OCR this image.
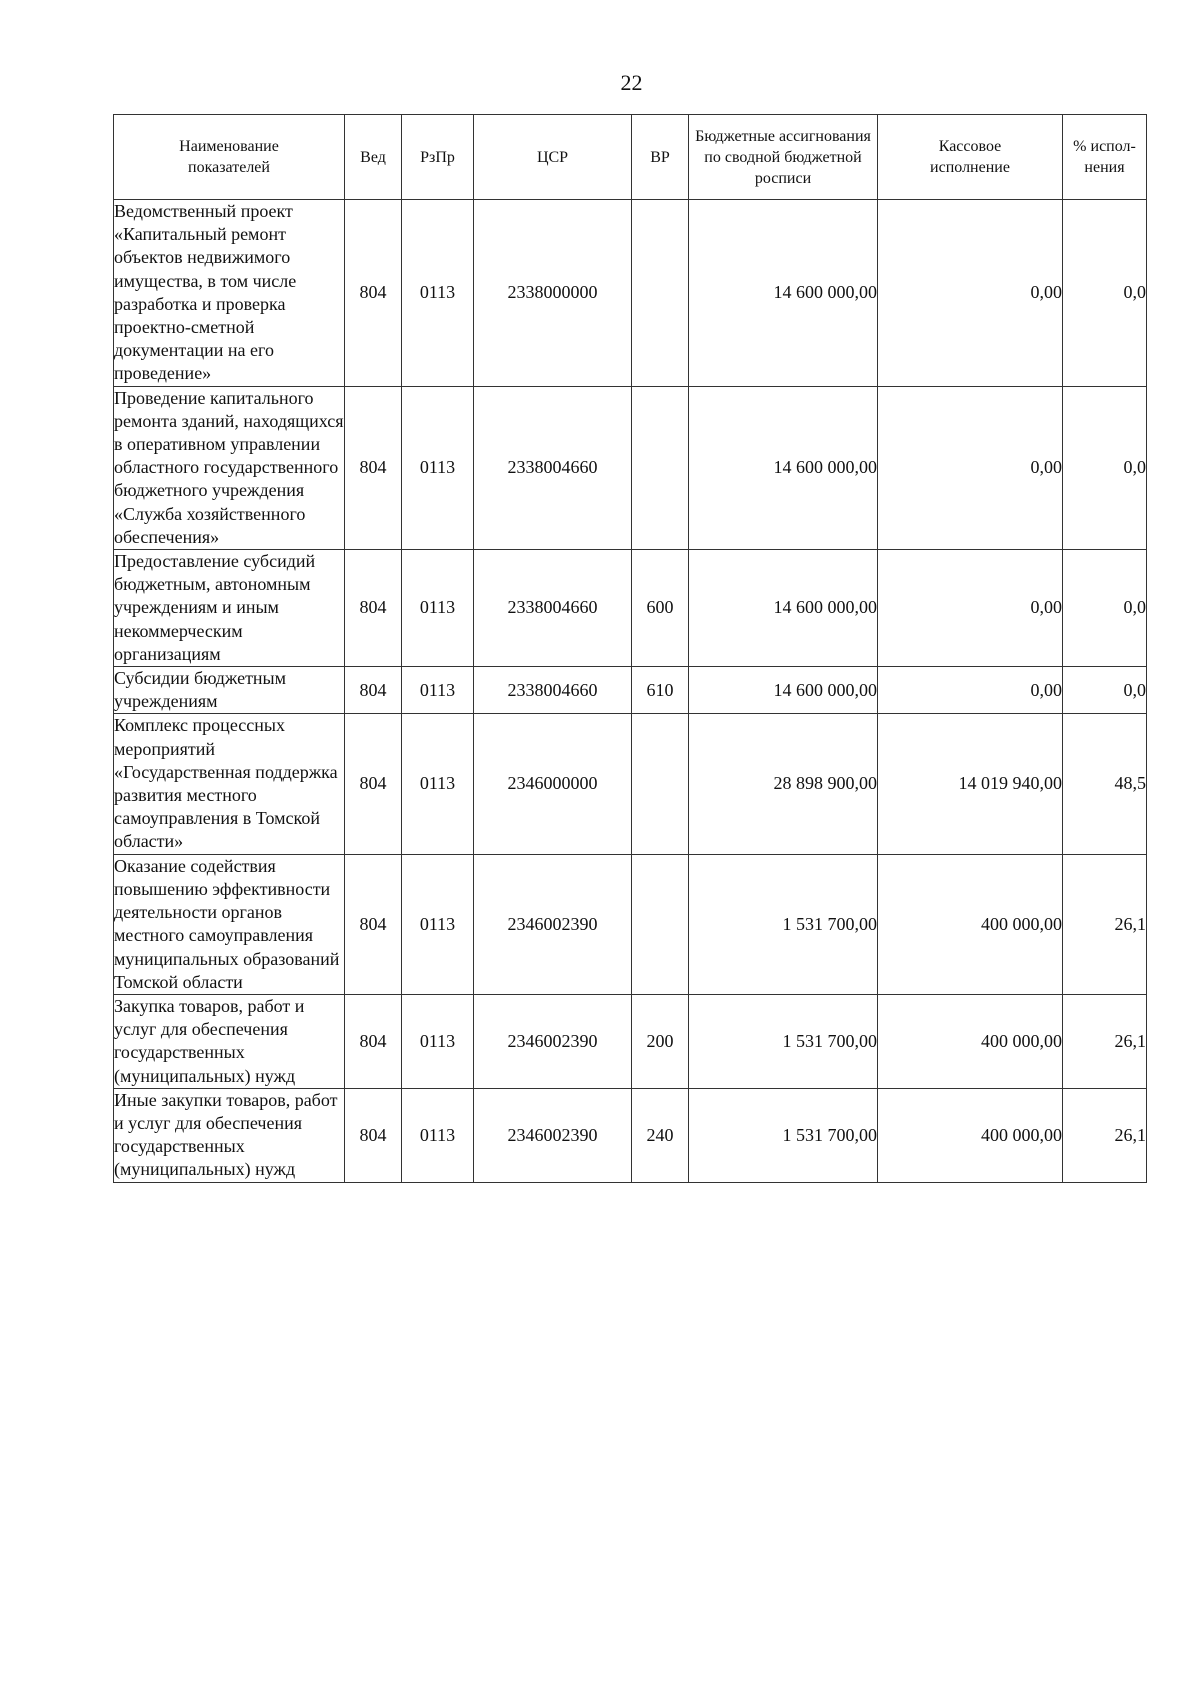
22
Наименование показателей	Вед	РзПр	ЦСР	ВР	Бюджетные ассигнования по сводной бюджетной росписи	Кассовое исполнение	% испол-нения
Ведомственный проект «Капитальный ремонт объектов недвижимого имущества, в том числе разработка и проверка проектно-сметной документации на его проведение»	804	0113	2338000000		14 600 000,00	0,00	0,0
Проведение капитального ремонта зданий, находящихся в оперативном управлении областного государственного бюджетного учреждения «Служба хозяйственного обеспечения»	804	0113	2338004660		14 600 000,00	0,00	0,0
Предоставление субсидий бюджетным, автономным учреждениям и иным некоммерческим организациям	804	0113	2338004660	600	14 600 000,00	0,00	0,0
Субсидии бюджетным учреждениям	804	0113	2338004660	610	14 600 000,00	0,00	0,0
Комплекс процессных мероприятий «Государственная поддержка развития местного самоуправления в Томской области»	804	0113	2346000000		28 898 900,00	14 019 940,00	48,5
Оказание содействия повышению эффективности деятельности органов местного самоуправления муниципальных образований Томской области	804	0113	2346002390		1 531 700,00	400 000,00	26,1
Закупка товаров, работ и услуг для обеспечения государственных (муниципальных) нужд	804	0113	2346002390	200	1 531 700,00	400 000,00	26,1
Иные закупки товаров, работ и услуг для обеспечения государственных (муниципальных) нужд	804	0113	2346002390	240	1 531 700,00	400 000,00	26,1
